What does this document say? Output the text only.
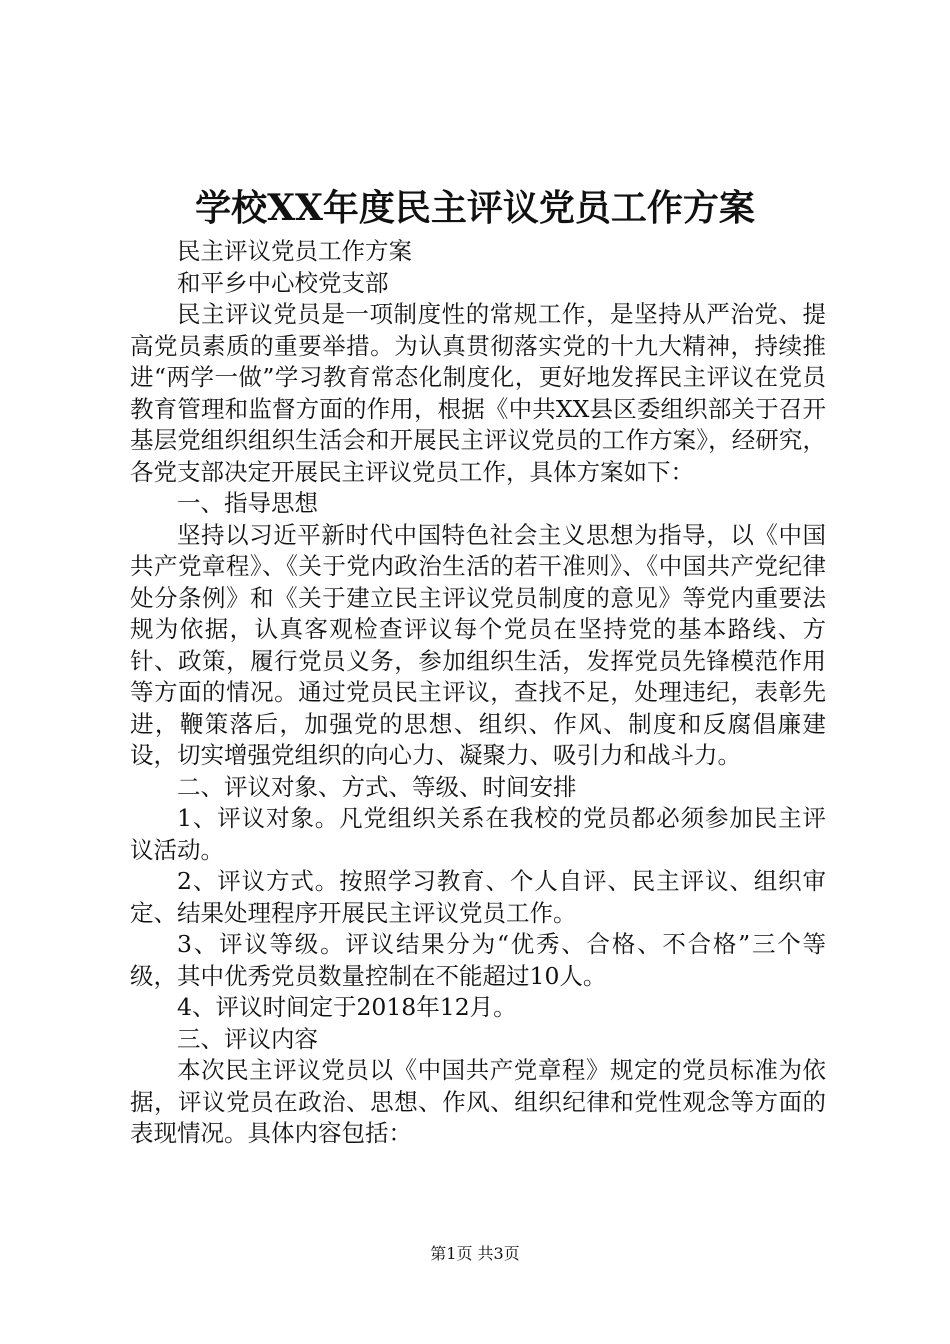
学校XX年度民主评议党员工作方案

民主评议党员工作方案

和平乡中心校党支部

民主评议党员是一项制度性的常规工作，是坚持从严治党、提高党员素质的重要举措。为认真贯彻落实党的十九大精神，持续推进“两学一做”学习教育常态化制度化，更好地发挥民主评议在党员教育管理和监督方面的作用，根据《中共XX县区委组织部关于召开基层党组织组织生活会和开展民主评议党员的工作方案》，经研究，各党支部决定开展民主评议党员工作，具体方案如下：

一、指导思想

坚持以习近平新时代中国特色社会主义思想为指导，以《中国共产党章程》、《关于党内政治生活的若干准则》、《中国共产党纪律处分条例》和《关于建立民主评议党员制度的意见》等党内重要法规为依据，认真客观检查评议每个党员在坚持党的基本路线、方针、政策，履行党员义务，参加组织生活，发挥党员先锋模范作用等方面的情况。通过党员民主评议，查找不足，处理违纪，表彰先进，鞭策落后，加强党的思想、组织、作风、制度和反腐倡廉建设，切实增强党组织的向心力、凝聚力、吸引力和战斗力。

二、评议对象、方式、等级、时间安排

1、评议对象。凡党组织关系在我校的党员都必须参加民主评议活动。

2、评议方式。按照学习教育、个人自评、民主评议、组织审定、结果处理程序开展民主评议党员工作。

3、评议等级。评议结果分为“优秀、合格、不合格”三个等级，其中优秀党员数量控制在不能超过10人。

4、评议时间定于2018年12月。

三、评议内容

本次民主评议党员以《中国共产党章程》规定的党员标准为依据，评议党员在政治、思想、作风、组织纪律和党性观念等方面的表现情况。具体内容包括：

第1页 共3页
